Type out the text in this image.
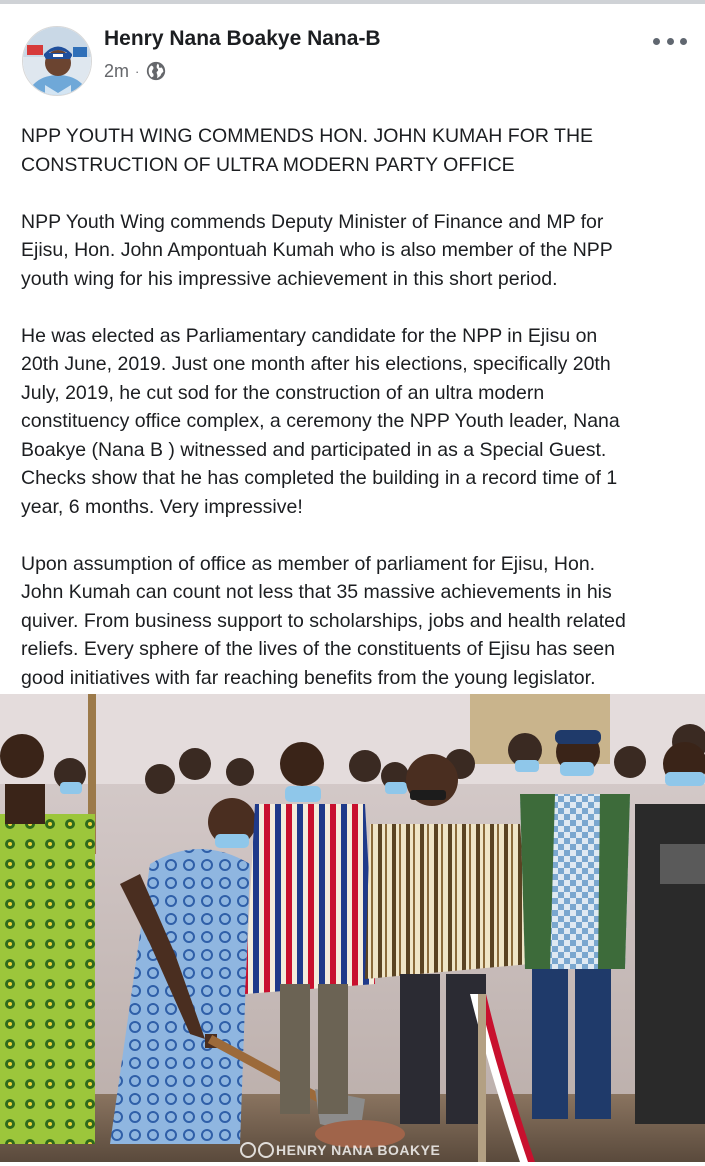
Henry Nana Boakye Nana-B
2m ·

NPP YOUTH WING COMMENDS HON. JOHN KUMAH FOR THE
CONSTRUCTION OF ULTRA MODERN PARTY OFFICE

NPP Youth Wing commends Deputy Minister of Finance and MP for
Ejisu, Hon. John Ampontuah Kumah who is also member of the NPP
youth wing for his impressive achievement in this short period.

He was elected as Parliamentary candidate for the NPP in Ejisu on
20th June, 2019. Just one month after his elections, specifically 20th
July, 2019, he cut sod for the construction of an ultra modern
constituency office complex, a ceremony the NPP Youth leader, Nana
Boakye (Nana B ) witnessed and participated in as a Special Guest.
Checks show that he has completed the building in a record time of 1
year, 6 months. Very impressive!

Upon assumption of office as member of parliament for Ejisu, Hon.
John Kumah can count not less that 35 massive achievements in his
quiver. From business support to scholarships, jobs and health related
reliefs. Every sphere of the lives of the constituents of Ejisu has seen
good initiatives with far reaching benefits from the young legislator.

HENRY NANA BOAKYE
